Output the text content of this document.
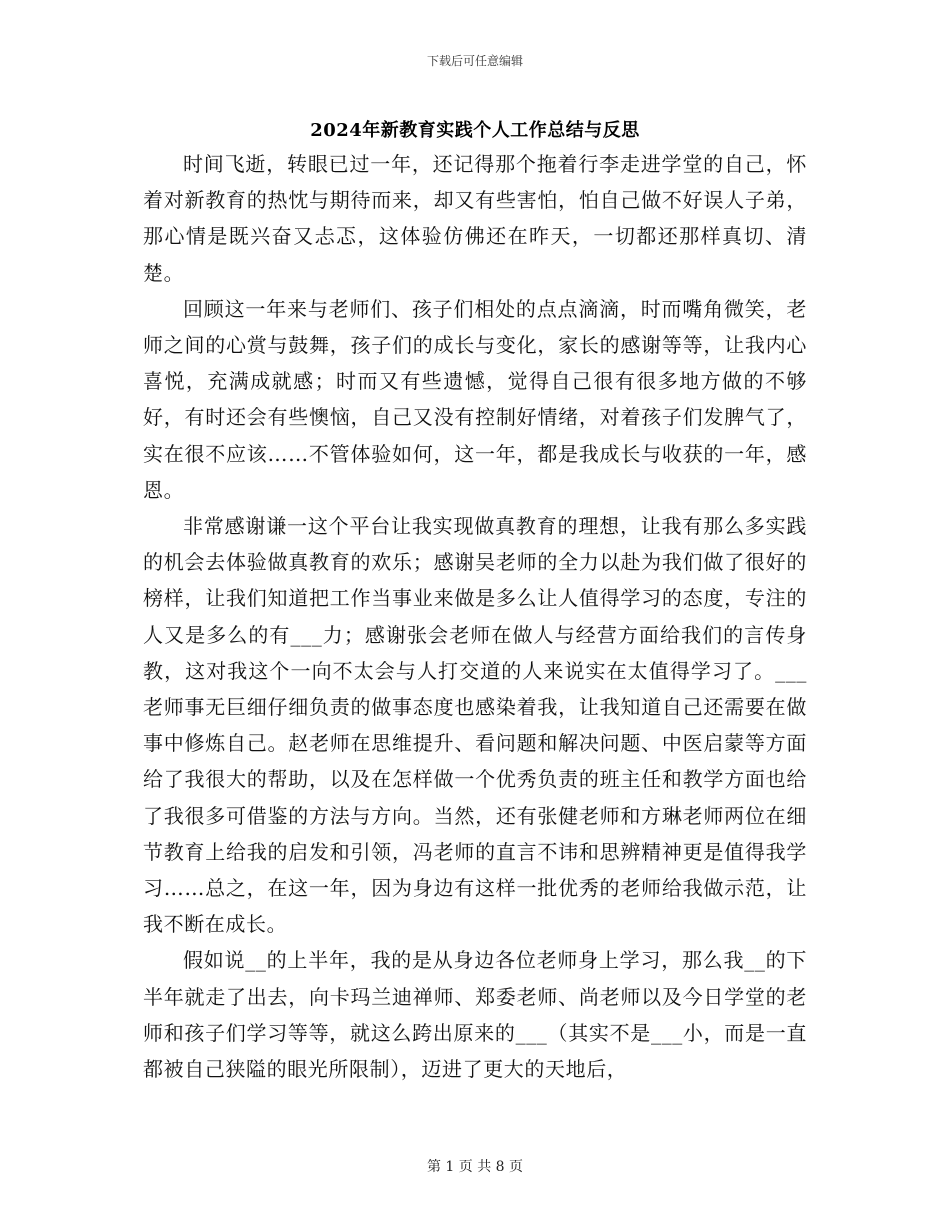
下载后可任意编辑
2024年新教育实践个人工作总结与反思

时间飞逝，转眼已过一年，还记得那个拖着行李走进学堂的自己，怀着对新教育的热忱与期待而来，却又有些害怕，怕自己做不好误人子弟，那心情是既兴奋又忐忑，这体验仿佛还在昨天，一切都还那样真切、清楚。

回顾这一年来与老师们、孩子们相处的点点滴滴，时而嘴角微笑，老师之间的心赏与鼓舞，孩子们的成长与变化，家长的感谢等等，让我内心喜悦，充满成就感；时而又有些遗憾，觉得自己很有很多地方做的不够好，有时还会有些懊恼，自己又没有控制好情绪，对着孩子们发脾气了，实在很不应该……不管体验如何，这一年，都是我成长与收获的一年，感恩。

非常感谢谦一这个平台让我实现做真教育的理想，让我有那么多实践的机会去体验做真教育的欢乐；感谢吴老师的全力以赴为我们做了很好的榜样，让我们知道把工作当事业来做是多么让人值得学习的态度，专注的人又是多么的有___力；感谢张会老师在做人与经营方面给我们的言传身教，这对我这个一向不太会与人打交道的人来说实在太值得学习了。___老师事无巨细仔细负责的做事态度也感染着我，让我知道自己还需要在做事中修炼自己。赵老师在思维提升、看问题和解决问题、中医启蒙等方面给了我很大的帮助，以及在怎样做一个优秀负责的班主任和教学方面也给了我很多可借鉴的方法与方向。当然，还有张健老师和方琳老师两位在细节教育上给我的启发和引领，冯老师的直言不讳和思辨精神更是值得我学习……总之，在这一年，因为身边有这样一批优秀的老师给我做示范，让我不断在成长。

假如说__的上半年，我的是从身边各位老师身上学习，那么我__的下半年就走了出去，向卡玛兰迪禅师、郑委老师、尚老师以及今日学堂的老师和孩子们学习等等，就这么跨出原来的___（其实不是___小，而是一直都被自己狭隘的眼光所限制），迈进了更大的天地后，

第 1 页 共 8 页
